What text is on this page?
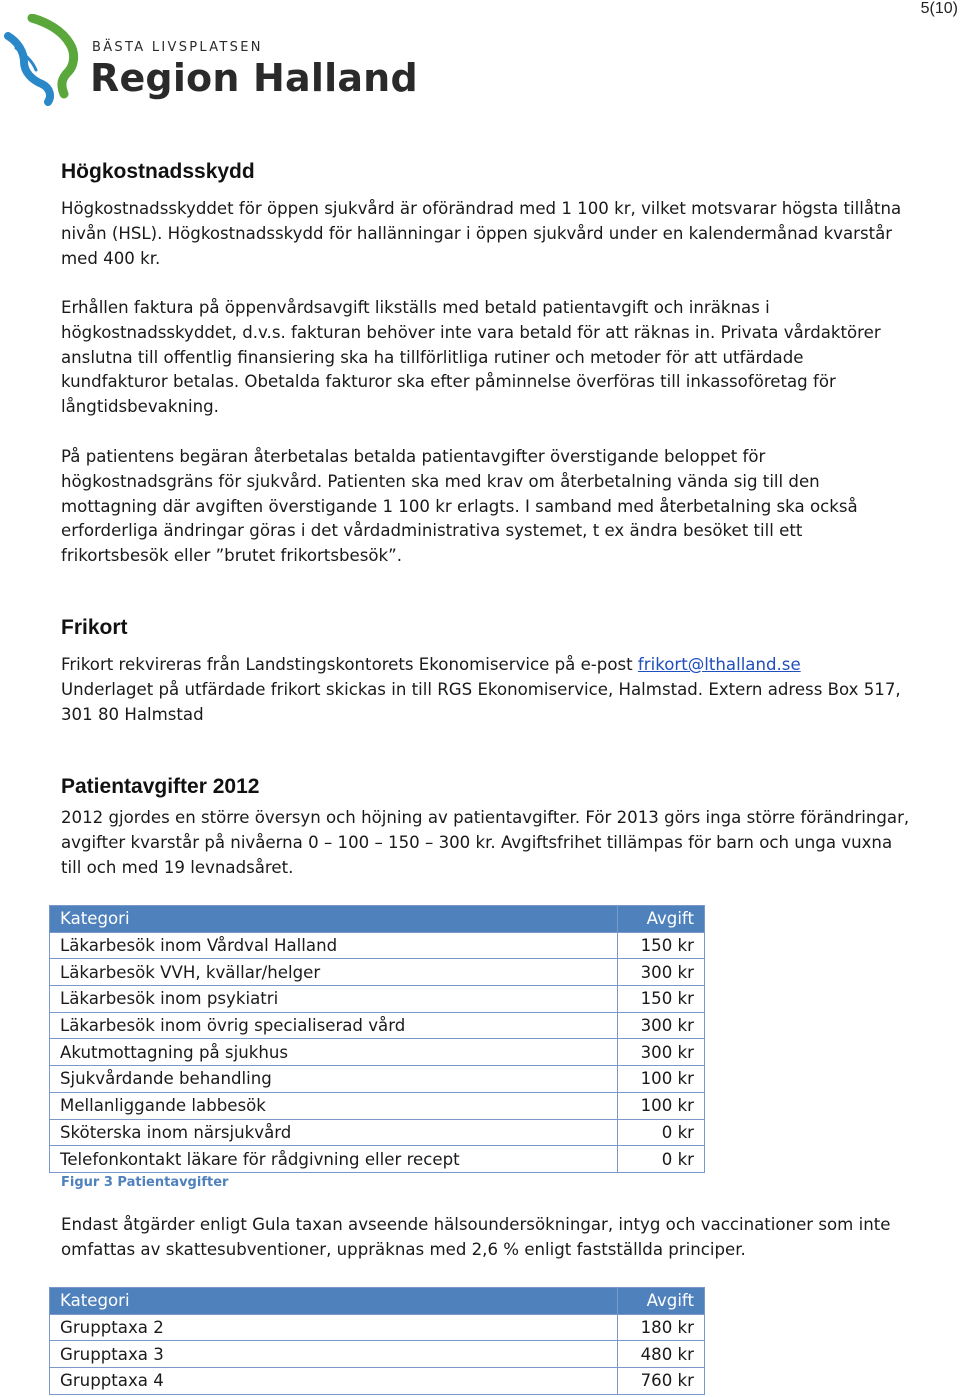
5(10)
BÄSTA LIVSPLATSEN
Region Halland
Högkostnadsskydd
Högkostnadsskyddet för öppen sjukvård är oförändrad med 1 100 kr, vilket motsvarar högsta tillåtna
nivån (HSL). Högkostnadsskydd för hallänningar i öppen sjukvård under en kalendermånad kvarstår
med 400 kr.
Erhållen faktura på öppenvårdsavgift likställs med betald patientavgift och inräknas i
högkostnadsskyddet, d.v.s. fakturan behöver inte vara betald för att räknas in. Privata vårdaktörer
anslutna till offentlig finansiering ska ha tillförlitliga rutiner och metoder för att utfärdade
kundfakturor betalas. Obetalda fakturor ska efter påminnelse överföras till inkassoföretag för
långtidsbevakning.
På patientens begäran återbetalas betalda patientavgifter överstigande beloppet för
högkostnadsgräns för sjukvård. Patienten ska med krav om återbetalning vända sig till den
mottagning där avgiften överstigande 1 100 kr erlagts. I samband med återbetalning ska också
erforderliga ändringar göras i det vårdadministrativa systemet, t ex ändra besöket till ett
frikortsbesök eller ”brutet frikortsbesök”.
Frikort
Frikort rekvireras från Landstingskontorets Ekonomiservice på e-post frikort@lthalland.se
Underlaget på utfärdade frikort skickas in till RGS Ekonomiservice, Halmstad. Extern adress Box 517,
301 80 Halmstad
Patientavgifter 2012
2012 gjordes en större översyn och höjning av patientavgifter. För 2013 görs inga större förändringar,
avgifter kvarstår på nivåerna 0 – 100 – 150 – 300 kr. Avgiftsfrihet tillämpas för barn och unga vuxna
till och med 19 levnadsåret.
Kategori	Avgift
Läkarbesök inom Vårdval Halland	150 kr
Läkarbesök VVH, kvällar/helger	300 kr
Läkarbesök inom psykiatri	150 kr
Läkarbesök inom övrig specialiserad vård	300 kr
Akutmottagning på sjukhus	300 kr
Sjukvårdande behandling	100 kr
Mellanliggande labbesök	100 kr
Sköterska inom närsjukvård	0 kr
Telefonkontakt läkare för rådgivning eller recept	0 kr
Figur 3 Patientavgifter
Endast åtgärder enligt Gula taxan avseende hälsoundersökningar, intyg och vaccinationer som inte
omfattas av skattesubventioner, uppräknas med 2,6 % enligt fastställda principer.
Kategori	Avgift
Grupptaxa 2	180 kr
Grupptaxa 3	480 kr
Grupptaxa 4	760 kr
